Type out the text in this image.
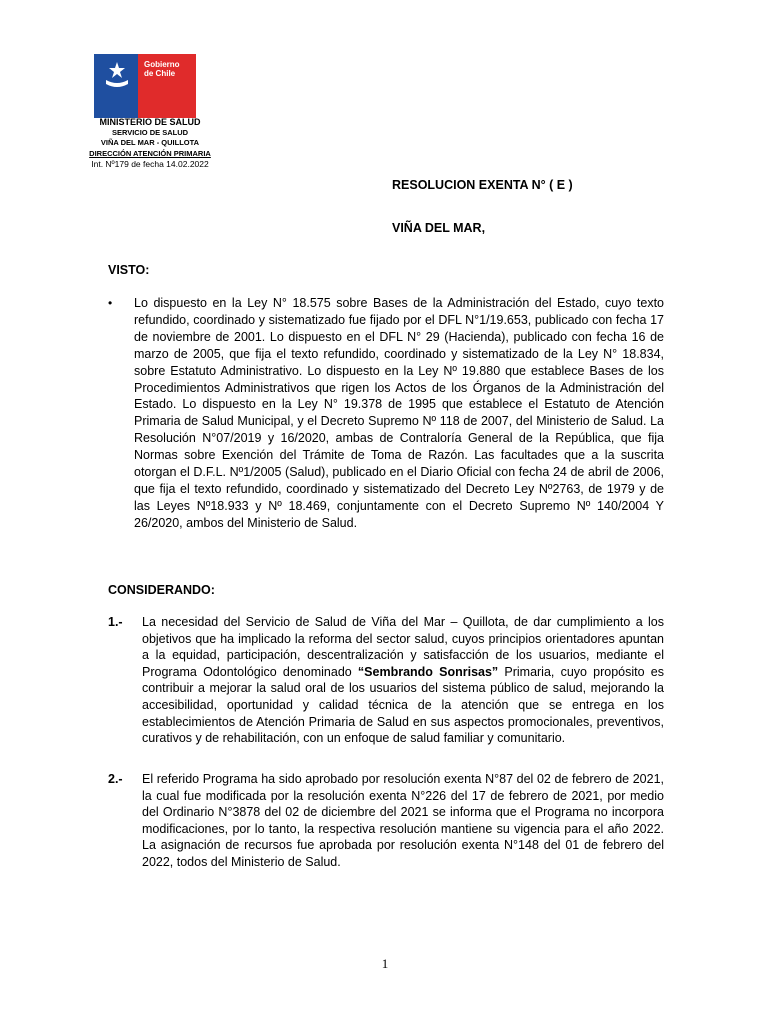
Gobierno
de Chile
MINISTERIO DE SALUD
SERVICIO DE SALUD
VIÑA DEL MAR - QUILLOTA
DIRECCIÓN ATENCIÓN PRIMARIA
Int. Nº179 de fecha 14.02.2022
RESOLUCION EXENTA N° ( E )
VIÑA DEL MAR,
VISTO:
• Lo dispuesto en la Ley N° 18.575 sobre Bases de la Administración del Estado, cuyo texto refundido, coordinado y sistematizado fue fijado por el DFL N°1/19.653, publicado con fecha 17 de noviembre de 2001. Lo dispuesto en el DFL N° 29 (Hacienda), publicado con fecha 16 de marzo de 2005, que fija el texto refundido, coordinado y sistematizado de la Ley N° 18.834, sobre Estatuto Administrativo. Lo dispuesto en la Ley Nº 19.880 que establece Bases de los Procedimientos Administrativos que rigen los Actos de los Órganos de la Administración del Estado. Lo dispuesto en la Ley N° 19.378 de 1995 que establece el Estatuto de Atención Primaria de Salud Municipal, y el Decreto Supremo Nº 118 de 2007, del Ministerio de Salud. La Resolución N°07/2019 y 16/2020, ambas de Contraloría General de la República, que fija Normas sobre Exención del Trámite de Toma de Razón. Las facultades que a la suscrita otorgan el D.F.L. Nº1/2005 (Salud), publicado en el Diario Oficial con fecha 24 de abril de 2006, que fija el texto refundido, coordinado y sistematizado del Decreto Ley Nº2763, de 1979 y de las Leyes Nº18.933 y Nº 18.469, conjuntamente con el Decreto Supremo Nº 140/2004 Y 26/2020, ambos del Ministerio de Salud.
CONSIDERANDO:
1.- La necesidad del Servicio de Salud de Viña del Mar – Quillota, de dar cumplimiento a los objetivos que ha implicado la reforma del sector salud, cuyos principios orientadores apuntan a la equidad, participación, descentralización y satisfacción de los usuarios, mediante el Programa Odontológico denominado “Sembrando Sonrisas” Primaria, cuyo propósito es contribuir a mejorar la salud oral de los usuarios del sistema público de salud, mejorando la accesibilidad, oportunidad y calidad técnica de la atención que se entrega en los establecimientos de Atención Primaria de Salud en sus aspectos promocionales, preventivos, curativos y de rehabilitación, con un enfoque de salud familiar y comunitario.
2.- El referido Programa ha sido aprobado por resolución exenta N°87 del 02 de febrero de 2021, la cual fue modificada por la resolución exenta N°226 del 17 de febrero de 2021, por medio del Ordinario N°3878 del 02 de diciembre del 2021 se informa que el Programa no incorpora modificaciones, por lo tanto, la respectiva resolución mantiene su vigencia para el año 2022. La asignación de recursos fue aprobada por resolución exenta N°148 del 01 de febrero del 2022, todos del Ministerio de Salud.
1
